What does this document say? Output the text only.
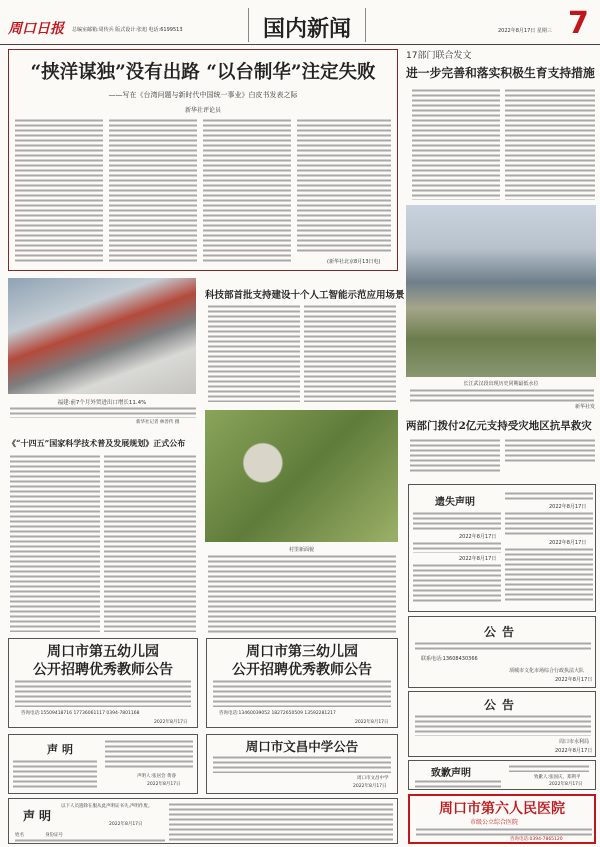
周口日报 总编室邮箱:周传兵 版式设计:张旭 电话:6199513	国内新闻	2022年8月17日 星期三 7
“挟洋谋独”没有出路 “以台制华”注定失败
——写在《台湾问题与新时代中国统一事业》白皮书发表之际
新华社评论员
(新华社北京8月13日电)
17部门联合发文
进一步完善和落实积极生育支持措施
长江武汉段出现历史同期最低水位
新华社发
两部门拨付2亿元支持受灾地区抗旱救灾
遗失声明
2022年8月17日
2022年8月17日
2022年8月17日
2022年8月17日
公告
联系电话:13608430366
项城市文化市场综合行政执法大队
2022年8月17日
公告
周口市水利局
2022年8月17日
致歉声明	致歉人:张国庆、郑利平
2022年8月17日
周口市第六人民医院
市级公立综合医院
咨询电话:0394-7865120
福建:前7个月外贸进出口增长11.4%
新华社记者 林善传 摄
《“十四五”国家科学技术普及发展规划》正式公布
科技部首批支持建设十个人工智能示范应用场景
村里新面貌
周口市第五幼儿园
公开招聘优秀教师公告
咨询电话:15509418716 17736061117 0394-7801168
2022年8月17日
周口市第三幼儿园
公开招聘优秀教师公告
咨询电话:13460039052 18272650509 13592281217
2022年8月17日
声明
声明人:张居会 黄睿
2022年8月17日
周口市文昌中学公告
周口市文昌中学
2022年8月17日
声明
以下人员遗除在服从此声明证书失,声明作废。
2022年8月17日
姓名	身份证号
